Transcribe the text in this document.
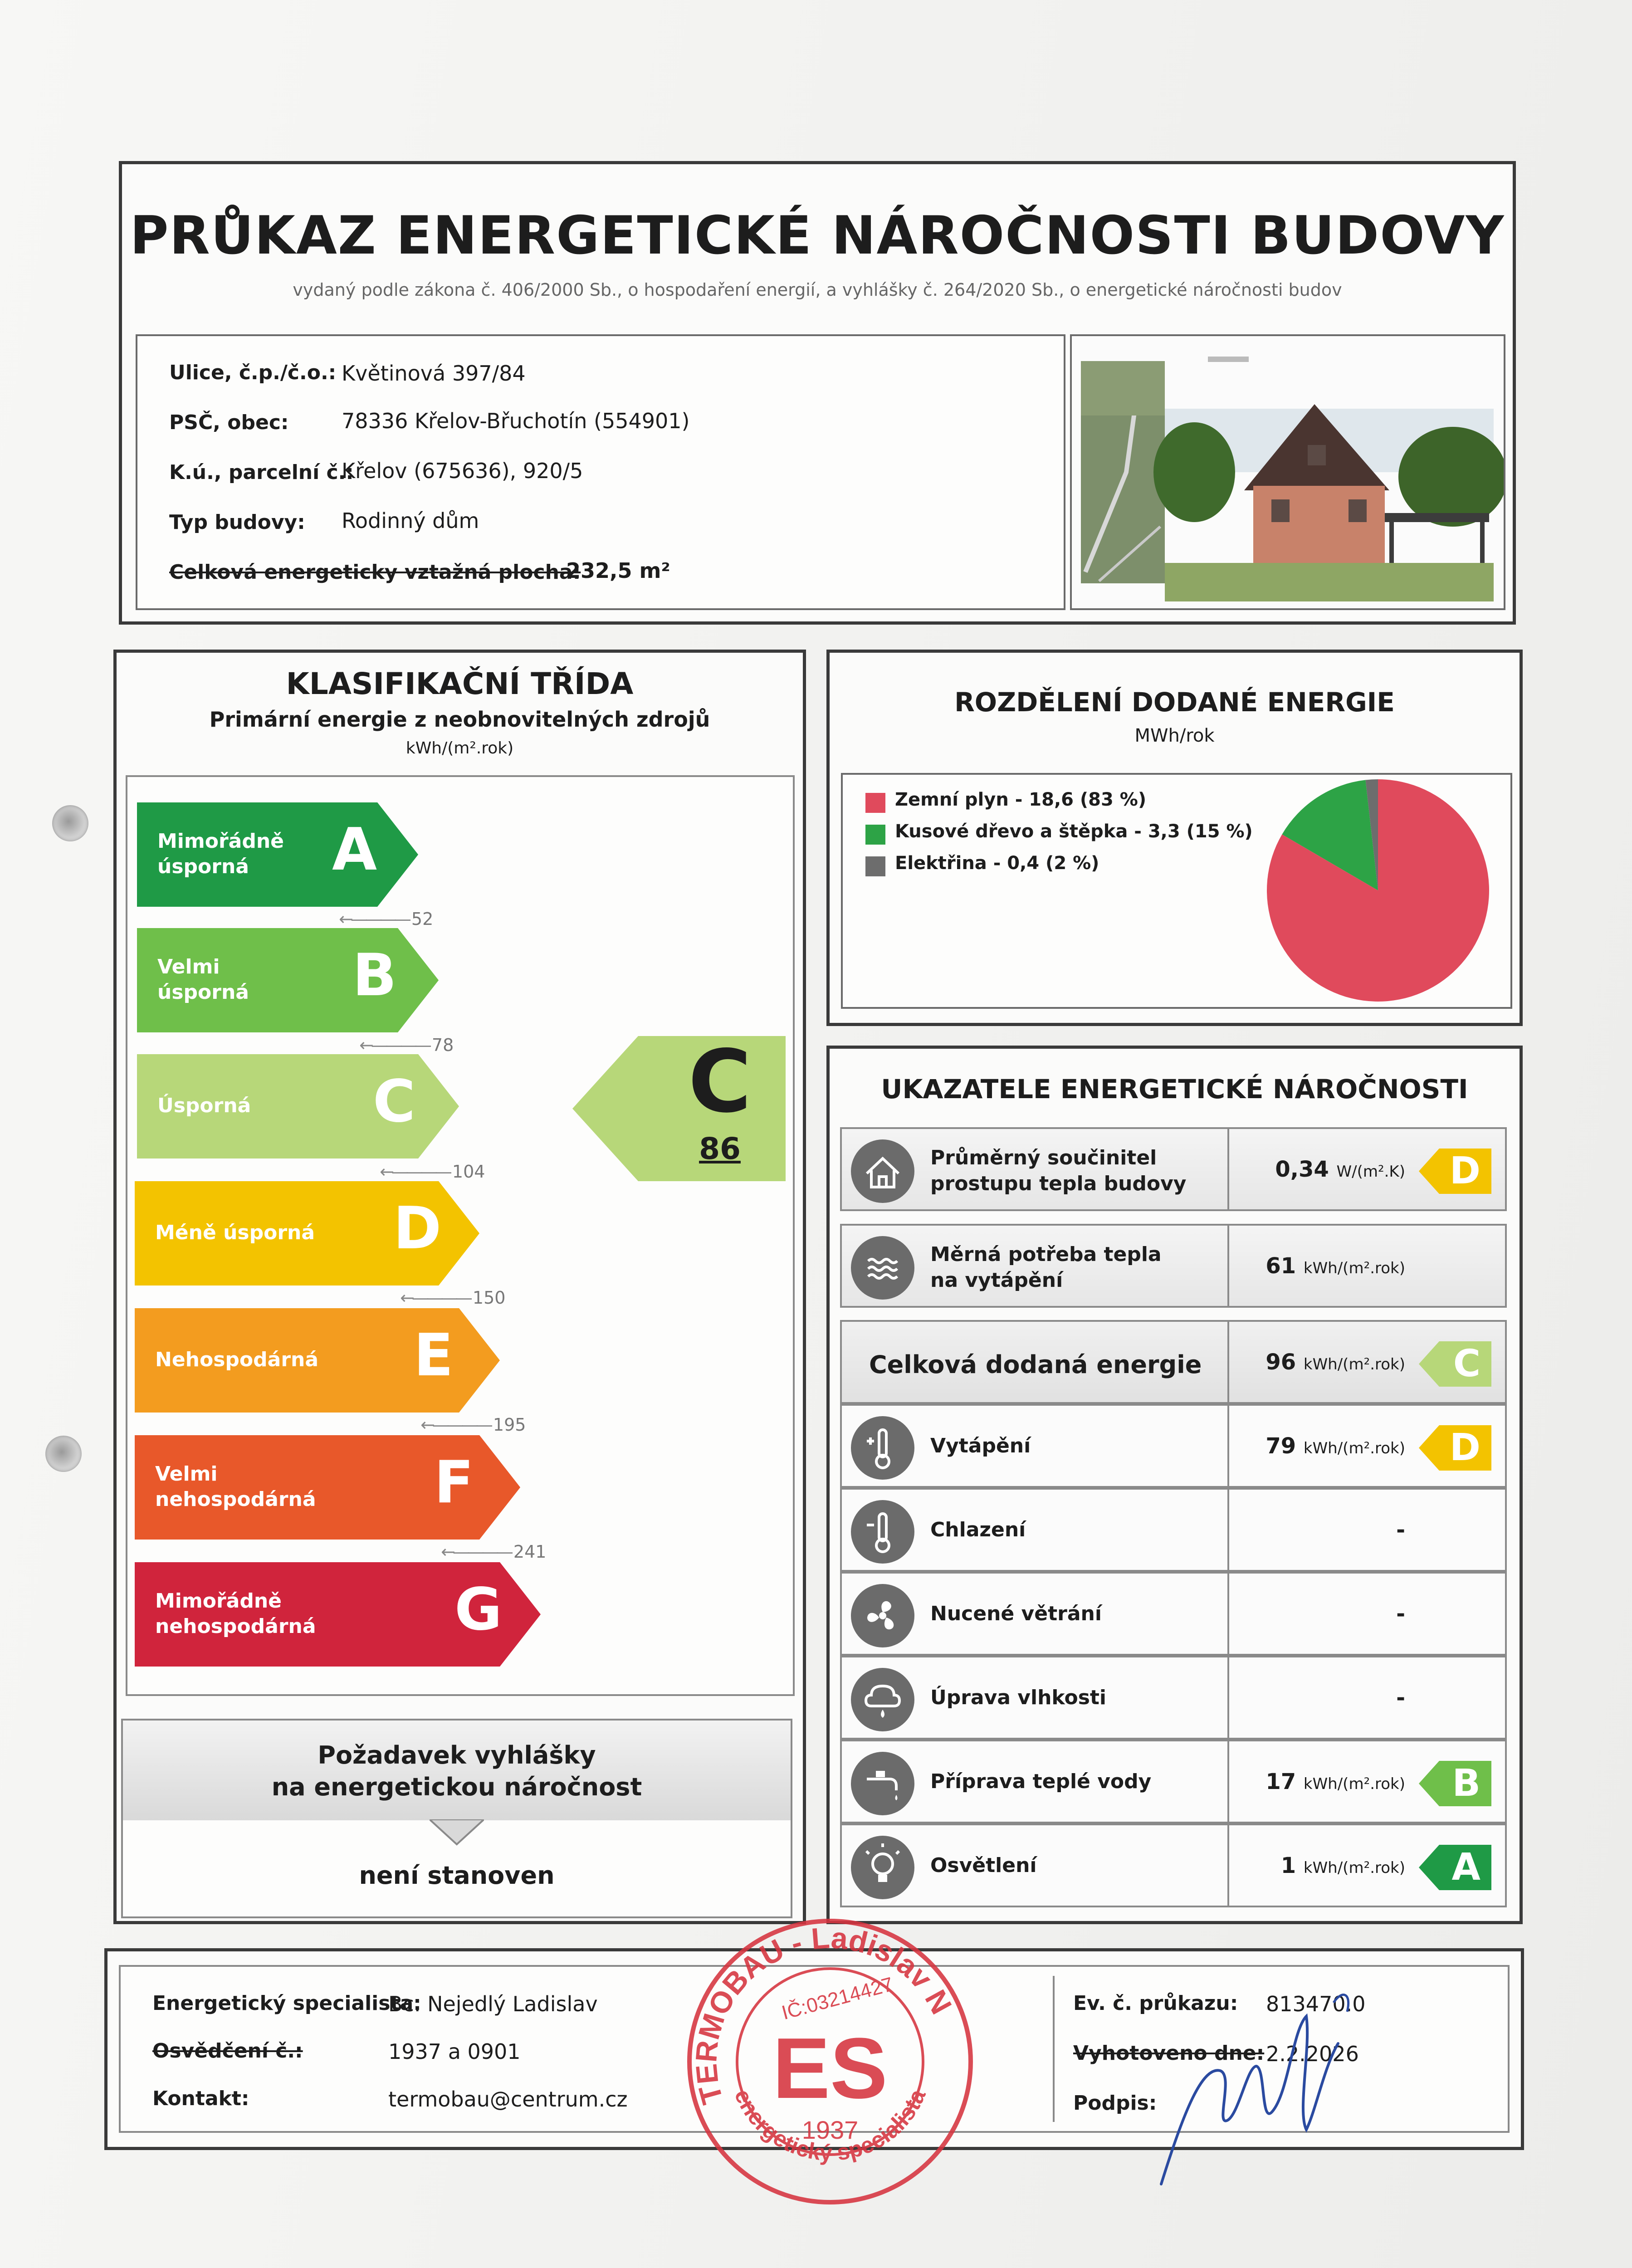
PRŮKAZ ENERGETICKÉ NÁROČNOSTI BUDOVY
vydaný podle zákona č. 406/2000 Sb., o hospodaření energií, a vyhlášky č. 264/2020 Sb., o energetické náročnosti budov
Ulice, č.p./č.o.: Květinová 397/84
PSČ, obec:	78336 Křelov-Břuchotín (554901)
K.ú., parcelní č.:
Křelov (675636), 920/5
Typ budovy: Rodinný dům
Celková energeticky vztažná plocha:
232,5 m²
KLASIFIKAČNÍ TŘÍDA
Primární energie z neobnovitelných zdrojů
kWh/(m².rok)
Mimořádně
úsporná A
←———— 52
Velmi
úsporná B
←———— 78
Úsporná C
←———— 104
Méně úsporná D
←———— 150
Nehospodárná E
←———— 195
Velmi
nehospodárná F
←———— 241
Mimořádně
nehospodárná G
C
86
Požadavek vyhlášky
na energetickou náročnost
není stanoven
ROZDĚLENÍ DODANÉ ENERGIE
MWh/rok
Zemní plyn - 18,6 (83 %)
Kusové dřevo a štěpka - 3,3 (15 %)
Elektřina - 0,4 (2 %)
UKAZATELE ENERGETICKÉ NÁROČNOSTI
Průměrný součinitel
prostupu tepla budovy
0,34 W/(m².K) D
Měrná potřeba tepla
na vytápění
61 kWh/(m².rok)
Celková dodaná energie	96 kWh/(m².rok) C
Vytápění	79 kWh/(m².rok) D
Chlazení	-
Nucené větrání	-
Úprava vlhkosti	-
Příprava teplé vody	17 kWh/(m².rok) B
Osvětlení	1 kWh/(m².rok) A
Energetický specialista:
Bc. Nejedlý Ladislav
Osvědčení č.:	1937 a 0901
Kontakt:	termobau@centrum.cz
Ev. č. průkazu: 813470.0
Vyhotoveno dne: 2.2.2026
Podpis:
TERMOBAU - Ladislav Nejedlý,
energetický specialista
IČ:03214427
ES
1937
